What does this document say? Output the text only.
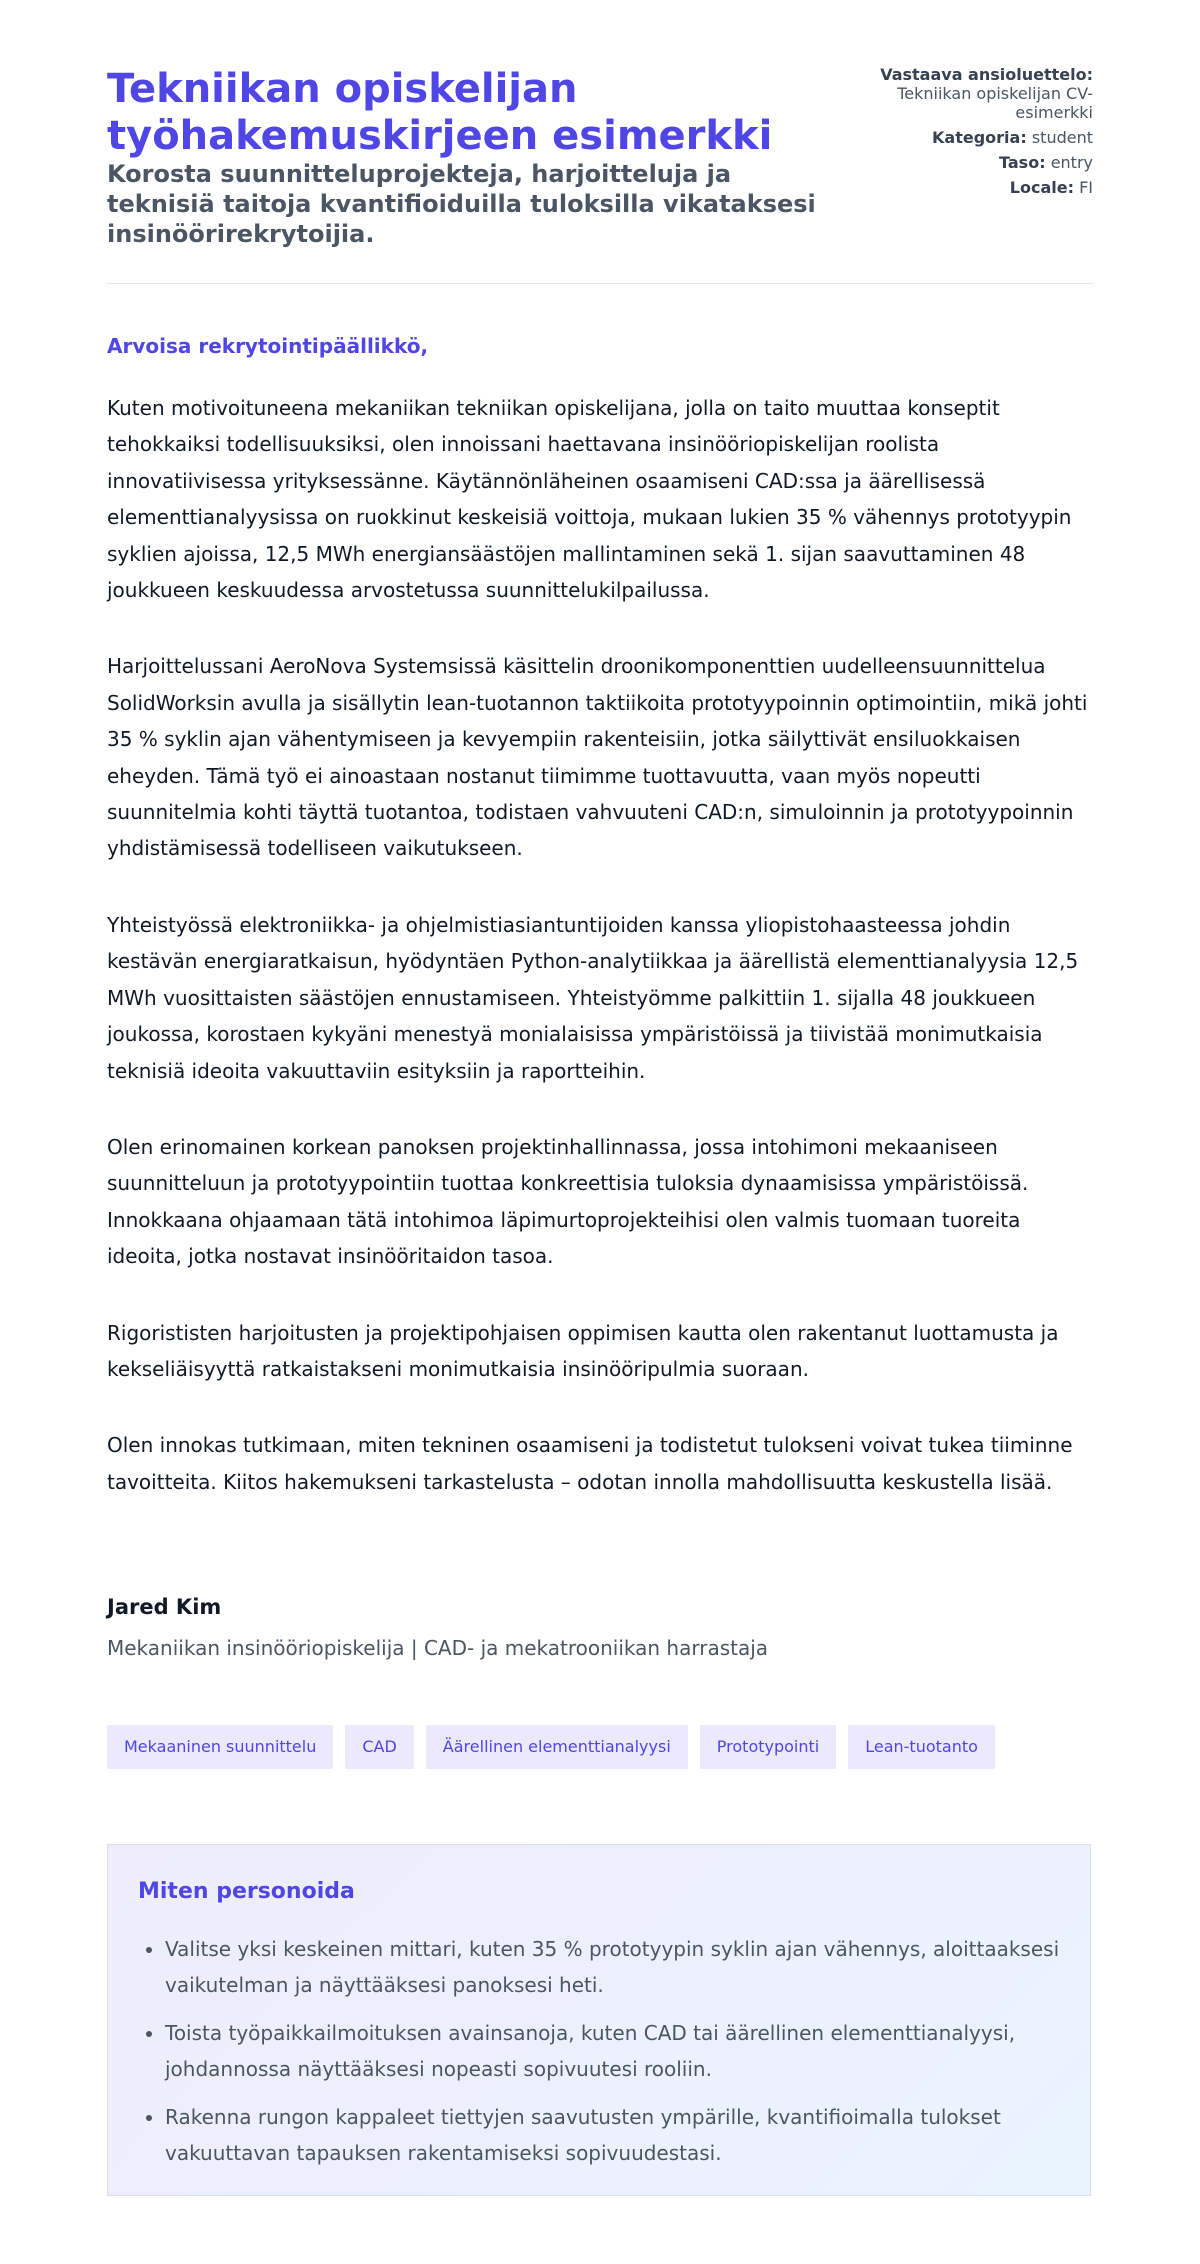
Tekniikan opiskelijan työhakemuskirjeen esimerkki

Korosta suunnitteluprojekteja, harjoitteluja ja teknisiä taitoja kvantifioiduilla tuloksilla vikataksesi insinöörirekrytoijia.

Vastaava ansioluettelo: Tekniikan opiskelijan CV-esimerkki
Kategoria: student
Taso: entry
Locale: FI

Arvoisa rekrytointipäällikkö,

Kuten motivoituneena mekaniikan tekniikan opiskelijana, jolla on taito muuttaa konseptit tehokkaiksi todellisuuksiksi, olen innoissani haettavana insinööriopiskelijan roolista innovatiivisessa yrityksessänne. Käytännönläheinen osaamiseni CAD:ssa ja äärellisessä elementtianalyysissa on ruokkinut keskeisiä voittoja, mukaan lukien 35 % vähennys prototyypin syklien ajoissa, 12,5 MWh energiansäästöjen mallintaminen sekä 1. sijan saavuttaminen 48 joukkueen keskuudessa arvostetussa suunnittelukilpailussa.

Harjoittelussani AeroNova Systemsissä käsittelin droonikomponenttien uudelleensuunnittelua SolidWorksin avulla ja sisällytin lean-tuotannon taktiikoita prototyypoinnin optimointiin, mikä johti 35 % syklin ajan vähentymiseen ja kevyempiin rakenteisiin, jotka säilyttivät ensiluokkaisen eheyden. Tämä työ ei ainoastaan nostanut tiimimme tuottavuutta, vaan myös nopeutti suunnitelmia kohti täyttä tuotantoa, todistaen vahvuuteni CAD:n, simuloinnin ja prototyypoinnin yhdistämisessä todelliseen vaikutukseen.

Yhteistyössä elektroniikka- ja ohjelmistiasiantuntijoiden kanssa yliopistohaasteessa johdin kestävän energiaratkaisun, hyödyntäen Python-analytiikkaa ja äärellistä elementtianalyysia 12,5 MWh vuosittaisten säästöjen ennustamiseen. Yhteistyömme palkittiin 1. sijalla 48 joukkueen joukossa, korostaen kykyäni menestyä monialaisissa ympäristöissä ja tiivistää monimutkaisia teknisiä ideoita vakuuttaviin esityksiin ja raportteihin.

Olen erinomainen korkean panoksen projektinhallinnassa, jossa intohimoni mekaaniseen suunnitteluun ja prototyypointiin tuottaa konkreettisia tuloksia dynaamisissa ympäristöissä. Innokkaana ohjaamaan tätä intohimoa läpimurtoprojekteihisi olen valmis tuomaan tuoreita ideoita, jotka nostavat insinööritaidon tasoa.

Rigorististen harjoitusten ja projektipohjaisen oppimisen kautta olen rakentanut luottamusta ja kekseliäisyyttä ratkaistakseni monimutkaisia insinööripulmia suoraan.

Olen innokas tutkimaan, miten tekninen osaamiseni ja todistetut tulokseni voivat tukea tiiminne tavoitteita. Kiitos hakemukseni tarkastelusta – odotan innolla mahdollisuutta keskustella lisää.

Jared Kim

Mekaniikan insinööriopiskelija | CAD- ja mekatrooniikan harrastaja

Mekaaninen suunnittelu	CAD	Äärellinen elementtianalyysi	Prototypointi	Lean-tuotanto
Miten personoida
• Valitse yksi keskeinen mittari, kuten 35 % prototyypin syklin ajan vähennys, aloittaaksesi vaikutelman ja näyttääksesi panoksesi heti.
• Toista työpaikkailmoituksen avainsanoja, kuten CAD tai äärellinen elementtianalyysi, johdannossa näyttääksesi nopeasti sopivuutesi rooliin.
• Rakenna rungon kappaleet tiettyjen saavutusten ympärille, kvantifioimalla tulokset vakuuttavan tapauksen rakentamiseksi sopivuudestasi.
